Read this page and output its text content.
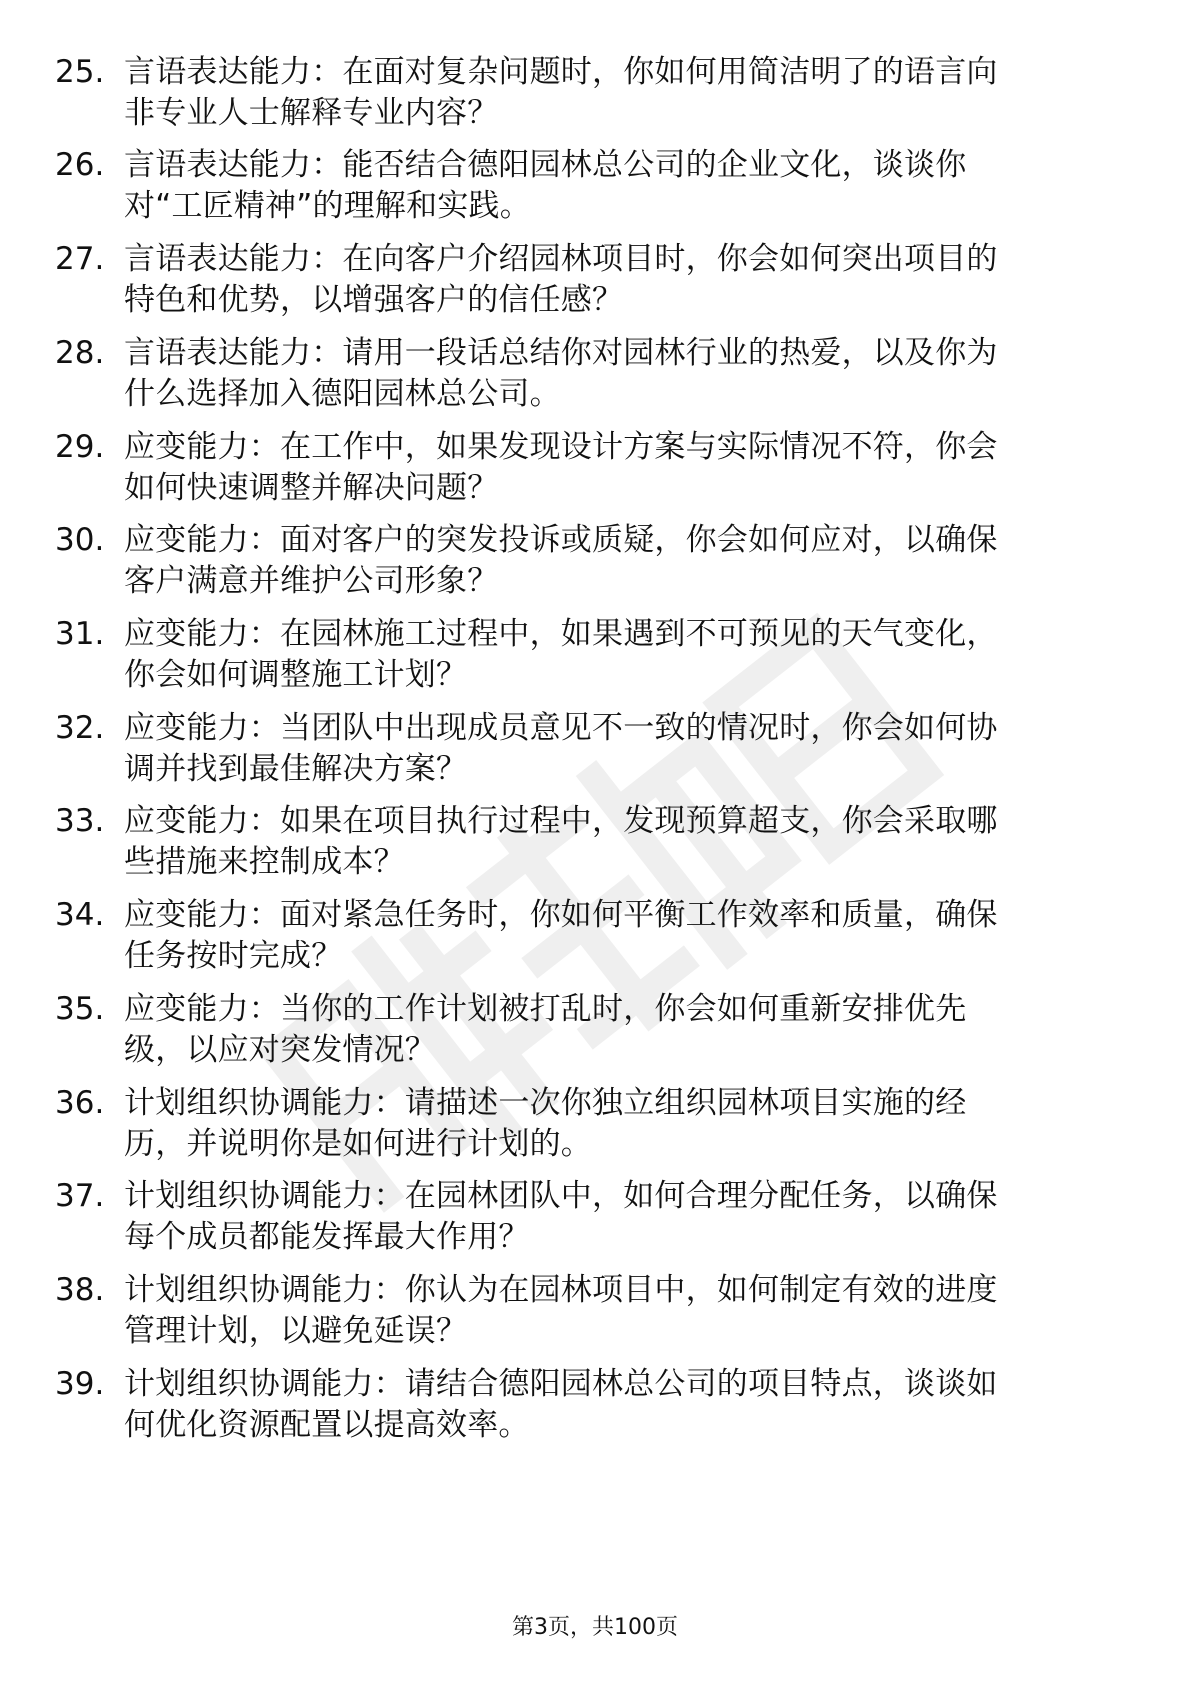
25. 言语表达能力：在面对复杂问题时，你如何用简洁明了的语言向
非专业人士解释专业内容？
26. 言语表达能力：能否结合德阳园林总公司的企业文化，谈谈你
对“工匠精神”的理解和实践。
27. 言语表达能力：在向客户介绍园林项目时，你会如何突出项目的
特色和优势，以增强客户的信任感？
28. 言语表达能力：请用一段话总结你对园林行业的热爱，以及你为
什么选择加入德阳园林总公司。
29. 应变能力：在工作中，如果发现设计方案与实际情况不符，你会
如何快速调整并解决问题？
30. 应变能力：面对客户的突发投诉或质疑，你会如何应对，以确保
客户满意并维护公司形象？
31. 应变能力：在园林施工过程中，如果遇到不可预见的天气变化，
你会如何调整施工计划？
32. 应变能力：当团队中出现成员意见不一致的情况时，你会如何协
调并找到最佳解决方案？
33. 应变能力：如果在项目执行过程中，发现预算超支，你会采取哪
些措施来控制成本？
34. 应变能力：面对紧急任务时，你如何平衡工作效率和质量，确保
任务按时完成？
35. 应变能力：当你的工作计划被打乱时，你会如何重新安排优先
级，以应对突发情况？
36. 计划组织协调能力：请描述一次你独立组织园林项目实施的经
历，并说明你是如何进行计划的。
37. 计划组织协调能力：在园林团队中，如何合理分配任务，以确保
每个成员都能发挥最大作用？
38. 计划组织协调能力：你认为在园林项目中，如何制定有效的进度
管理计划，以避免延误？
39. 计划组织协调能力：请结合德阳园林总公司的项目特点，谈谈如
何优化资源配置以提高效率。
第3页，共100页
